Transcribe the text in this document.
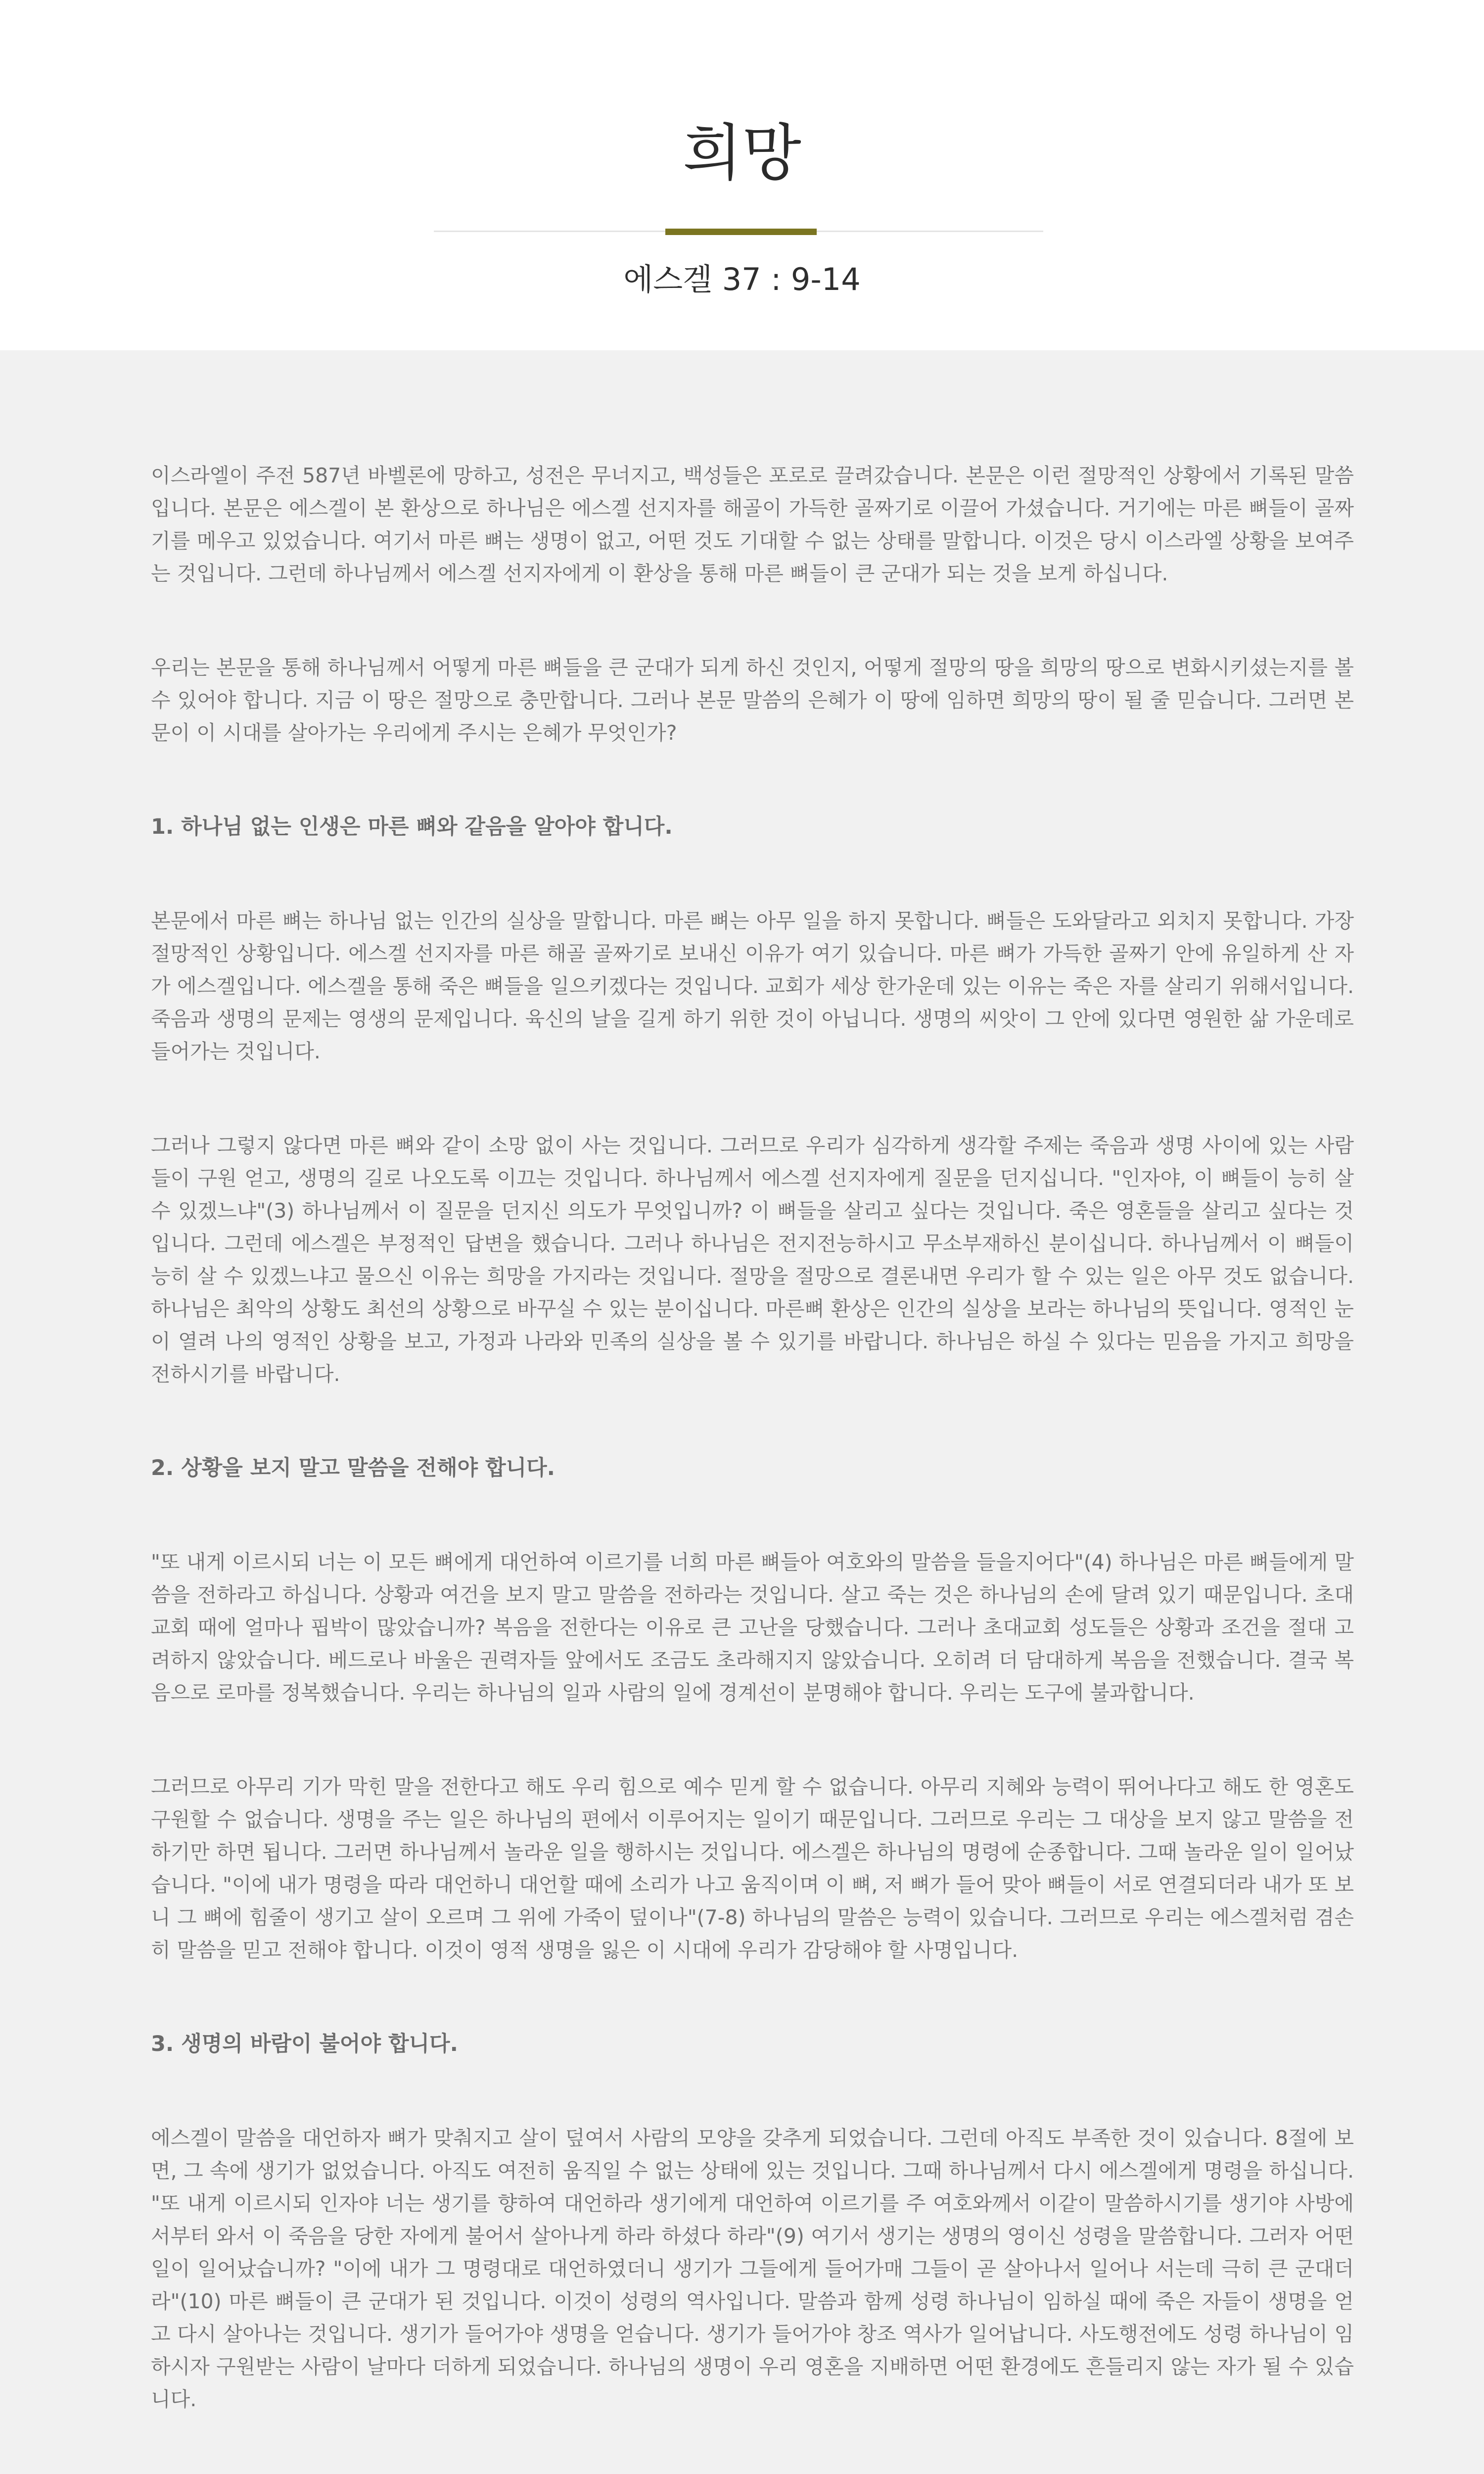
희망
에스겔 37 : 9-14

이스라엘이 주전 587년 바벨론에 망하고, 성전은 무너지고, 백성들은 포로로 끌려갔습니다. 본문은 이런 절망적인 상황에서 기록된 말씀입니다. 본문은 에스겔이 본 환상으로 하나님은 에스겔 선지자를 해골이 가득한 골짜기로 이끌어 가셨습니다. 거기에는 마른 뼈들이 골짜기를 메우고 있었습니다. 여기서 마른 뼈는 생명이 없고, 어떤 것도 기대할 수 없는 상태를 말합니다. 이것은 당시 이스라엘 상황을 보여주는 것입니다. 그런데 하나님께서 에스겔 선지자에게 이 환상을 통해 마른 뼈들이 큰 군대가 되는 것을 보게 하십니다.

우리는 본문을 통해 하나님께서 어떻게 마른 뼈들을 큰 군대가 되게 하신 것인지, 어떻게 절망의 땅을 희망의 땅으로 변화시키셨는지를 볼 수 있어야 합니다. 지금 이 땅은 절망으로 충만합니다. 그러나 본문 말씀의 은혜가 이 땅에 임하면 희망의 땅이 될 줄 믿습니다. 그러면 본문이 이 시대를 살아가는 우리에게 주시는 은혜가 무엇인가?

1. 하나님 없는 인생은 마른 뼈와 같음을 알아야 합니다.

본문에서 마른 뼈는 하나님 없는 인간의 실상을 말합니다. 마른 뼈는 아무 일을 하지 못합니다. 뼈들은 도와달라고 외치지 못합니다. 가장 절망적인 상황입니다. 에스겔 선지자를 마른 해골 골짜기로 보내신 이유가 여기 있습니다. 마른 뼈가 가득한 골짜기 안에 유일하게 산 자가 에스겔입니다. 에스겔을 통해 죽은 뼈들을 일으키겠다는 것입니다. 교회가 세상 한가운데 있는 이유는 죽은 자를 살리기 위해서입니다. 죽음과 생명의 문제는 영생의 문제입니다. 육신의 날을 길게 하기 위한 것이 아닙니다. 생명의 씨앗이 그 안에 있다면 영원한 삶 가운데로 들어가는 것입니다.

그러나 그렇지 않다면 마른 뼈와 같이 소망 없이 사는 것입니다. 그러므로 우리가 심각하게 생각할 주제는 죽음과 생명 사이에 있는 사람들이 구원 얻고, 생명의 길로 나오도록 이끄는 것입니다. 하나님께서 에스겔 선지자에게 질문을 던지십니다. "인자야, 이 뼈들이 능히 살 수 있겠느냐"(3) 하나님께서 이 질문을 던지신 의도가 무엇입니까? 이 뼈들을 살리고 싶다는 것입니다. 죽은 영혼들을 살리고 싶다는 것입니다. 그런데 에스겔은 부정적인 답변을 했습니다. 그러나 하나님은 전지전능하시고 무소부재하신 분이십니다. 하나님께서 이 뼈들이 능히 살 수 있겠느냐고 물으신 이유는 희망을 가지라는 것입니다. 절망을 절망으로 결론내면 우리가 할 수 있는 일은 아무 것도 없습니다. 하나님은 최악의 상황도 최선의 상황으로 바꾸실 수 있는 분이십니다. 마른뼈 환상은 인간의 실상을 보라는 하나님의 뜻입니다. 영적인 눈이 열려 나의 영적인 상황을 보고, 가정과 나라와 민족의 실상을 볼 수 있기를 바랍니다. 하나님은 하실 수 있다는 믿음을 가지고 희망을 전하시기를 바랍니다.

2. 상황을 보지 말고 말씀을 전해야 합니다.

"또 내게 이르시되 너는 이 모든 뼈에게 대언하여 이르기를 너희 마른 뼈들아 여호와의 말씀을 들을지어다"(4) 하나님은 마른 뼈들에게 말씀을 전하라고 하십니다. 상황과 여건을 보지 말고 말씀을 전하라는 것입니다. 살고 죽는 것은 하나님의 손에 달려 있기 때문입니다. 초대교회 때에 얼마나 핍박이 많았습니까? 복음을 전한다는 이유로 큰 고난을 당했습니다. 그러나 초대교회 성도들은 상황과 조건을 절대 고려하지 않았습니다. 베드로나 바울은 권력자들 앞에서도 조금도 초라해지지 않았습니다. 오히려 더 담대하게 복음을 전했습니다. 결국 복음으로 로마를 정복했습니다. 우리는 하나님의 일과 사람의 일에 경계선이 분명해야 합니다. 우리는 도구에 불과합니다.

그러므로 아무리 기가 막힌 말을 전한다고 해도 우리 힘으로 예수 믿게 할 수 없습니다. 아무리 지혜와 능력이 뛰어나다고 해도 한 영혼도 구원할 수 없습니다. 생명을 주는 일은 하나님의 편에서 이루어지는 일이기 때문입니다. 그러므로 우리는 그 대상을 보지 않고 말씀을 전하기만 하면 됩니다. 그러면 하나님께서 놀라운 일을 행하시는 것입니다. 에스겔은 하나님의 명령에 순종합니다. 그때 놀라운 일이 일어났습니다. "이에 내가 명령을 따라 대언하니 대언할 때에 소리가 나고 움직이며 이 뼈, 저 뼈가 들어 맞아 뼈들이 서로 연결되더라 내가 또 보니 그 뼈에 힘줄이 생기고 살이 오르며 그 위에 가죽이 덮이나"(7-8) 하나님의 말씀은 능력이 있습니다. 그러므로 우리는 에스겔처럼 겸손히 말씀을 믿고 전해야 합니다. 이것이 영적 생명을 잃은 이 시대에 우리가 감당해야 할 사명입니다.

3. 생명의 바람이 불어야 합니다.

에스겔이 말씀을 대언하자 뼈가 맞춰지고 살이 덮여서 사람의 모양을 갖추게 되었습니다. 그런데 아직도 부족한 것이 있습니다. 8절에 보면, 그 속에 생기가 없었습니다. 아직도 여전히 움직일 수 없는 상태에 있는 것입니다. 그때 하나님께서 다시 에스겔에게 명령을 하십니다. "또 내게 이르시되 인자야 너는 생기를 향하여 대언하라 생기에게 대언하여 이르기를 주 여호와께서 이같이 말씀하시기를 생기야 사방에서부터 와서 이 죽음을 당한 자에게 불어서 살아나게 하라 하셨다 하라"(9) 여기서 생기는 생명의 영이신 성령을 말씀합니다. 그러자 어떤 일이 일어났습니까? "이에 내가 그 명령대로 대언하였더니 생기가 그들에게 들어가매 그들이 곧 살아나서 일어나 서는데 극히 큰 군대더라"(10) 마른 뼈들이 큰 군대가 된 것입니다. 이것이 성령의 역사입니다. 말씀과 함께 성령 하나님이 임하실 때에 죽은 자들이 생명을 얻고 다시 살아나는 것입니다. 생기가 들어가야 생명을 얻습니다. 생기가 들어가야 창조 역사가 일어납니다. 사도행전에도 성령 하나님이 임하시자 구원받는 사람이 날마다 더하게 되었습니다. 하나님의 생명이 우리 영혼을 지배하면 어떤 환경에도 흔들리지 않는 자가 될 수 있습니다.
